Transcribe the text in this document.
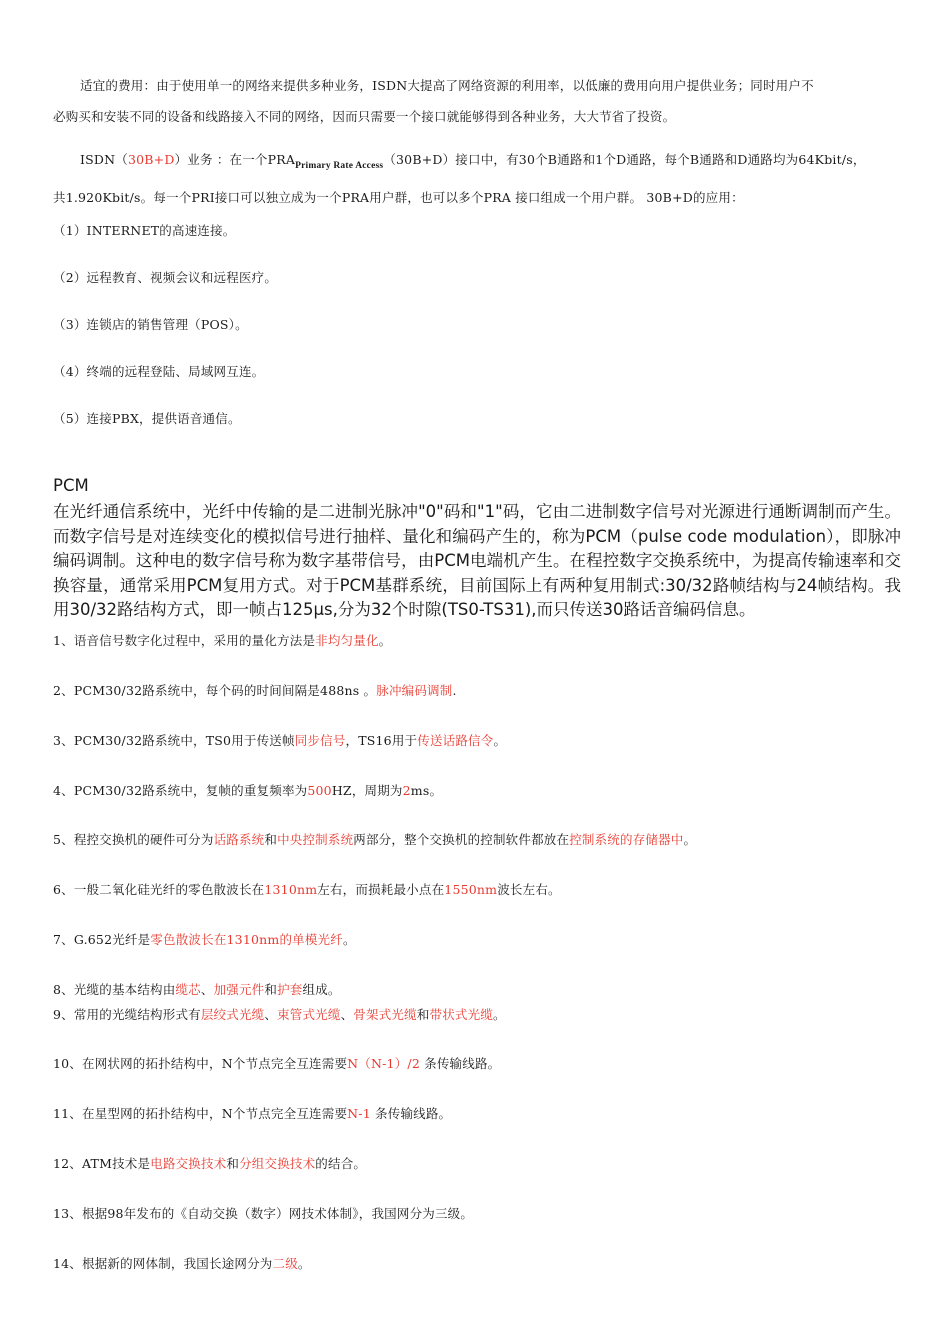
适宜的费用：由于使用单一的网络来提供多种业务，ISDN大提高了网络资源的利用率，以低廉的费用向用户提供业务；同时用户不
必购买和安装不同的设备和线路接入不同的网络，因而只需要一个接口就能够得到各种业务，大大节省了投资。
ISDN（30B+D）业务 ：在一个$PRA_{Primary Rate Access}(30B+D)$接口中，有30个B通路和1个D通路，每个B通路和D通路均为64Kbit/s，
共1.920Kbit/s。每一个PRI接口可以独立成为一个PRA用户群，也可以多个PRA 接口组成一个用户群。 30B+D的应用：
（1）INTERNET的高速连接。
（2）远程教育、视频会议和远程医疗。
（3）连锁店的销售管理（POS）。
（4）终端的远程登陆、局域网互连。
（5）连接PBX，提供语音通信。
PCM
在光纤通信系统中，光纤中传输的是二进制光脉冲"0"码和"1"码，它由二进制数字信号对光源进行通断调制而产生。而数字信号是对连续变化的模拟信号进行抽样、量化和编码产生的，称为PCM（pulse code modulation），即脉冲编码调制。这种电的数字信号称为数字基带信号，由PCM电端机产生。在程控数字交换系统中，为提高传输速率和交换容量，通常采用PCM复用方式。对于PCM基群系统，目前国际上有两种复用制式:30/32路帧结构与24帧结构。我用30/32路结构方式，即一帧占125μs,分为32个时隙(TS0-TS31),而只传送30路话音编码信息。
1、语音信号数字化过程中，采用的量化方法是非均匀量化。
2、PCM30/32路系统中，每个码的时间间隔是488ns 。脉冲编码调制.
3、PCM30/32路系统中，TS0用于传送帧同步信号，TS16用于传送话路信令。
4、PCM30/32路系统中，复帧的重复频率为500HZ，周期为2ms。
5、程控交换机的硬件可分为话路系统和中央控制系统两部分，整个交换机的控制软件都放在控制系统的存储器中。
6、一般二氧化硅光纤的零色散波长在1310nm左右，而损耗最小点在1550nm波长左右。
7、G.652光纤是零色散波长在1310nm的单模光纤。
8、光缆的基本结构由缆芯、加强元件和护套组成。
9、常用的光缆结构形式有层绞式光缆、束管式光缆、骨架式光缆和带状式光缆。
10、在网状网的拓扑结构中，N个节点完全互连需要N（N-1）/2 条传输线路。
11、在星型网的拓扑结构中，N个节点完全互连需要N-1 条传输线路。
12、ATM技术是电路交换技术和分组交换技术的结合。
13、根据98年发布的《自动交换（数字）网技术体制》，我国网分为三级。
14、根据新的网体制，我国长途网分为二级。
